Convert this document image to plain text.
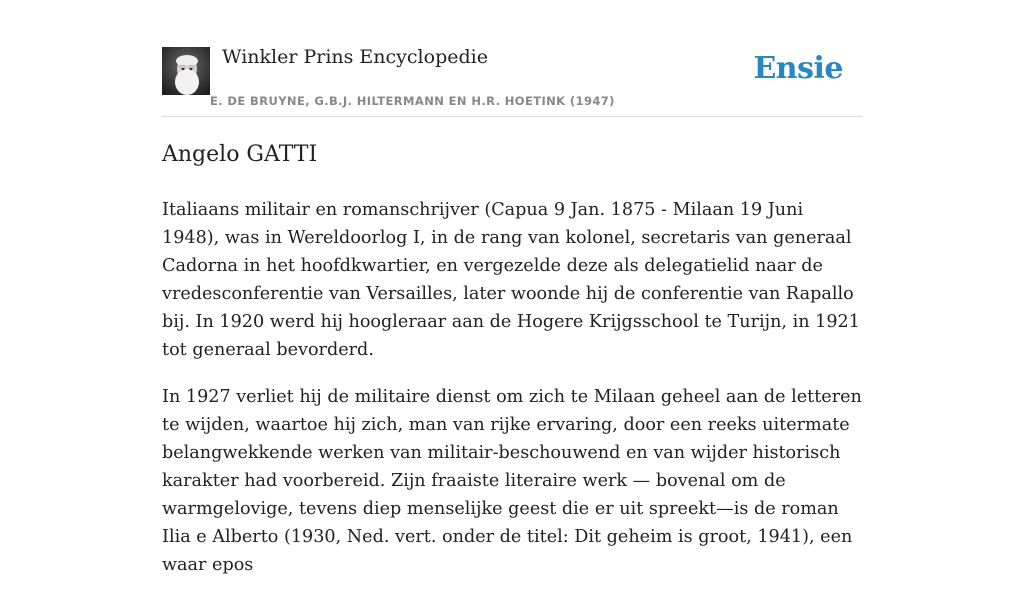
Winkler Prins Encyclopedie
E. DE BRUYNE, G.B.J. HILTERMANN EN H.R. HOETINK (1947)
Ensie
Angelo GATTI

Italiaans militair en romanschrijver (Capua 9 Jan. 1875 - Milaan 19 Juni 1948), was in Wereldoorlog I, in de rang van kolonel, secretaris van generaal Cadorna in het hoofdkwartier, en vergezelde deze als delegatielid naar de vredesconferentie van Versailles, later woonde hij de conferentie van Rapallo bij. In 1920 werd hij hoogleraar aan de Hogere Krijgsschool te Turijn, in 1921 tot generaal bevorderd.

In 1927 verliet hij de militaire dienst om zich te Milaan geheel aan de letteren te wijden, waartoe hij zich, man van rijke ervaring, door een reeks uitermate belangwekkende werken van militair-beschouwend en van wijder historisch karakter had voorbereid. Zijn fraaiste literaire werk — bovenal om de warmgelovige, tevens diep menselijke geest die er uit spreekt—is de roman Ilia e Alberto (1930, Ned. vert. onder de titel: Dit geheim is groot, 1941), een waar epos
